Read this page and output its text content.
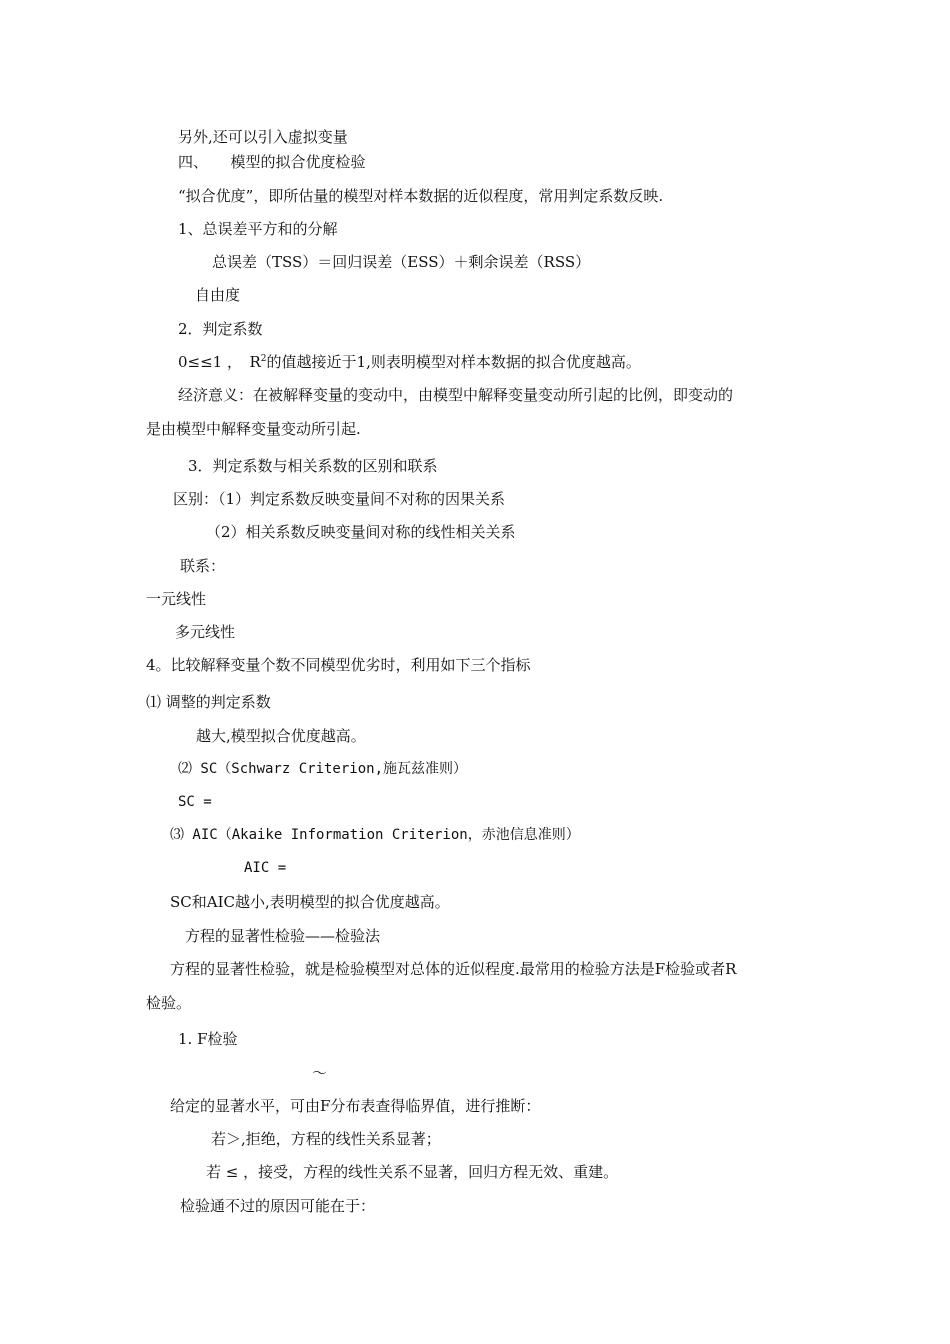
另外,还可以引入虚拟变量

四、　　模型的拟合优度检验

“拟合优度”，即所估量的模型对样本数据的近似程度，常用判定系数反映.

1、总误差平方和的分解

总误差（TSS）＝回归误差（ESS）＋剩余误差（RSS）

自由度

2．判定系数

0≤≤1 ，　$R^2$的值越接近于1,则表明模型对样本数据的拟合优度越高。

经济意义：在被解释变量的变动中，由模型中解释变量变动所引起的比例，即变动的

是由模型中解释变量变动所引起.

3．判定系数与相关系数的区别和联系

区别：（1）判定系数反映变量间不对称的因果关系

（2）相关系数反映变量间对称的线性相关关系

联系：

一元线性

多元线性

4。比较解释变量个数不同模型优劣时，利用如下三个指标

⑴ 调整的判定系数

越大,模型拟合优度越高。

⑵ SC（Schwarz Criterion,施瓦兹准则）

SC =

⑶ AIC（Akaike Information Criterion，赤池信息准则）

AIC =

SC和AIC越小,表明模型的拟合优度越高。

方程的显著性检验——检验法

方程的显著性检验，就是检验模型对总体的近似程度.最常用的检验方法是F检验或者R

检验。

1. F检验

～

给定的显著水平，可由F分布表查得临界值，进行推断：

若＞,拒绝，方程的线性关系显著；

若 ≤ ，接受，方程的线性关系不显著，回归方程无效、重建。

检验通不过的原因可能在于：
